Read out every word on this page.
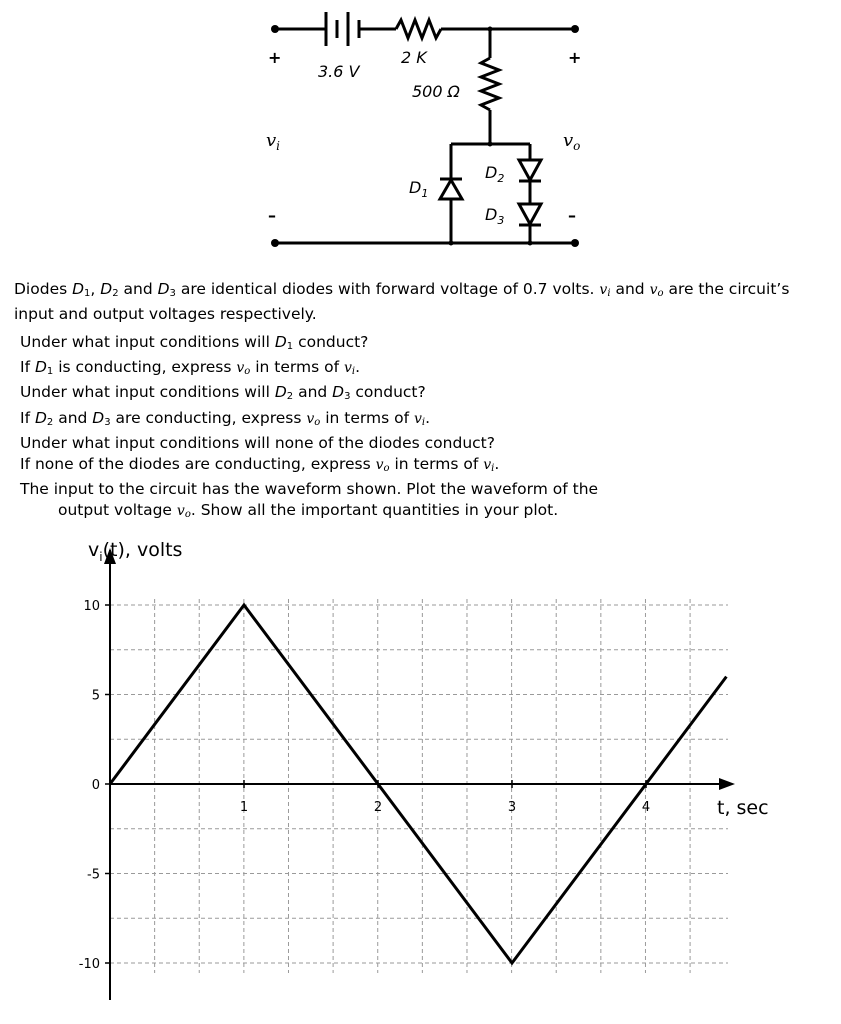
+	+
–	–
3.6 V
2 K
500 Ω
$v_i$	$v_o$
$D_1$
$D_2$
$D_3$
Diodes $D_1$, $D_2$ and $D_3$ are identical diodes with forward voltage of 0.7 volts. $v_i$ and $v_o$ are the circuit’s input and output voltages respectively.
Under what input conditions will $D_1$ conduct?
If $D_1$ is conducting, express $v_o$ in terms of $v_i$.
Under what input conditions will $D_2$ and $D_3$ conduct?
If $D_2$ and $D_3$ are conducting, express $v_o$ in terms of $v_i$.
Under what input conditions will none of the diodes conduct?
If none of the diodes are conducting, express $v_o$ in terms of $v_i$.
The input to the circuit has the waveform shown. Plot the waveform of the
output voltage $v_o$. Show all the important quantities in your plot.
10
5
0
-5
-10
1	2	3	4
$v_i(t)$, volts
t, sec
